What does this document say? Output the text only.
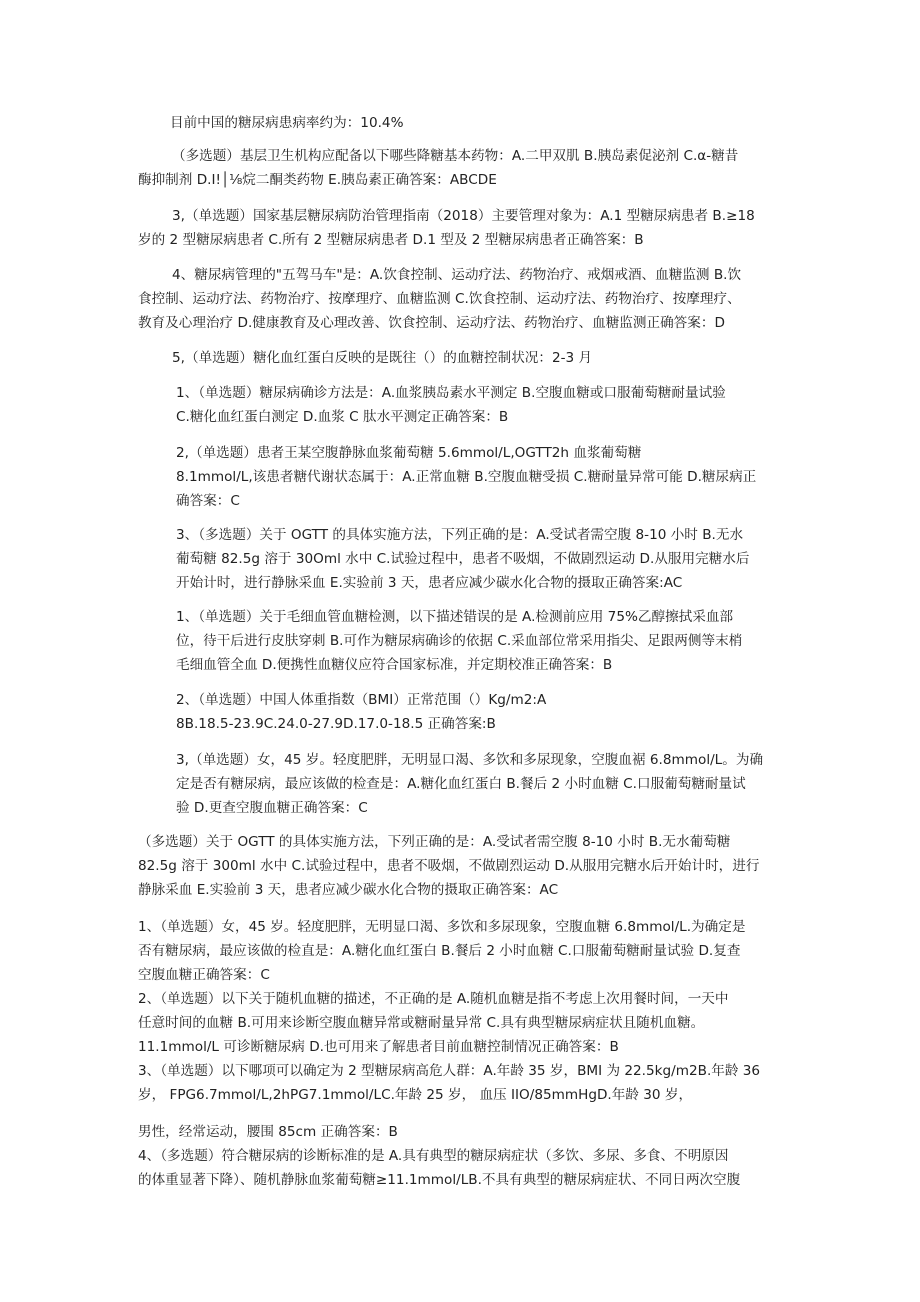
目前中国的糖尿病患病率约为：10.4%

（多选题）基层卫生机构应配备以下哪些降糖基本药物：A.二甲双肌 B.胰岛素促泌剂 C.α-糖昔
酶抑制剂 D.I!│⅛烷二酮类药物 E.胰岛素正确答案：ABCDE

3,（单选题）国家基层糖尿病防治管理指南（2018）主要管理对象为：A.1 型糖尿病患者 B.≥18
岁的 2 型糖尿病患者 C.所有 2 型糖尿病患者 D.1 型及 2 型糖尿病患者正确答案：B

4、糖尿病管理的"五驾马车"是：A.饮食控制、运动疗法、药物治疗、戒烟戒酒、血糖监测 B.饮
食控制、运动疗法、药物治疗、按摩理疗、血糖监测 C.饮食控制、运动疗法、药物治疗、按摩理疗、
教育及心理治疗 D.健康教育及心理改善、饮食控制、运动疗法、药物治疗、血糖监测正确答案：D

5,（单选题）糖化血红蛋白反映的是既往（）的血糖控制状况：2-3 月

1、（单选题）糖尿病确诊方法是：A.血浆胰岛素水平测定 B.空腹血糖或口服葡萄糖耐量试验
C.糖化血红蛋白测定 D.血浆 C 肽水平测定正确答案：B

2,（单选题）患者王某空腹静脉血浆葡萄糖 5.6mmol/L,OGTT2h 血浆葡萄糖
8.1mmol/L,该患者糖代谢状态属于：A.正常血糖 B.空腹血糖受损 C.糖耐量异常可能 D.糖尿病正
确答案：C

3、（多选题）关于 OGTT 的具体实施方法，下列正确的是：A.受试者需空腹 8-10 小时 B.无水
葡萄糖 82.5g 溶于 30Oml 水中 C.试验过程中，患者不吸烟，不做剧烈运动 D.从服用完糖水后
开始计时，进行静脉采血 E.实验前 3 天，患者应减少碳水化合物的摄取正确答案:AC

1、（单选题）关于毛细血管血糖检测，以下描述错误的是 A.检测前应用 75%乙醇擦拭采血部
位，待干后进行皮肤穿刺 B.可作为糖尿病确诊的依据 C.采血部位常采用指尖、足跟两侧等末梢
毛细血管全血 D.便携性血糖仪应符合国家标准，并定期校准正确答案：B

2、（单选题）中国人体重指数（BMI）正常范围（）Kg∕m2:A
8B.18.5-23.9C.24.0-27.9D.17.0-18.5 正确答案:B

3,（单选题）女，45 岁。轻度肥胖，无明显口渴、多饮和多尿现象，空腹血裾 6.8mmol∕L。为确
定是否有糖尿病，最应该做的检查是：A.糖化血红蛋白 B.餐后 2 小时血糖 C.口服葡萄糖耐量试
验 D.更查空腹血糖正确答案：C

（多选题）关于 OGTT 的具体实施方法，下列正确的是：A.受试者需空腹 8-10 小时 B.无水葡萄糖
82.5g 溶于 300ml 水中 C.试验过程中，患者不吸烟，不做剧烈运动 D.从服用完糖水后开始计时，进行
静脉采血 E.实验前 3 天，患者应减少碳水化合物的摄取正确答案：AC

1、（单选题）女，45 岁。轻度肥胖，无明显口渴、多饮和多尿现象，空腹血糖 6.8mmol∕L.为确定是
否有糖尿病，最应该做的检直是：A.糖化血红蛋白 B.餐后 2 小时血糖 C.口服葡萄糖耐量试验 D.复查
空腹血糖正确答案：C

2、（单选题）以下关于随机血糖的描述，不正确的是 A.随机血糖是指不考虑上次用餐时间，一天中
任意时间的血糖 B.可用来诊断空腹血糖异常或糖耐量异常 C.具有典型糖尿病症状且随机血糖。
11.1mmol/L 可诊断糖尿病 D.也可用来了解患者目前血糖控制情况正确答案：B

3、（单选题）以下哪项可以确定为 2 型糖尿病高危人群：A.年龄 35 岁，BMI 为 22.5kg∕m2B.年龄 36
岁， FPG6.7mmol/L,2hPG7.1mmol/LC.年龄 25 岁， 血压 IIO/85mmHgD.年龄 30 岁，

男性，经常运动，腰围 85cm 正确答案：B

4、（多选题）符合糖尿病的诊断标准的是 A.具有典型的糖尿病症状（多饮、多尿、多食、不明原因
的体重显著下降）、随机静脉血浆葡萄糖≥11.1mmol/LB.不具有典型的糖尿病症状、不同日两次空腹
